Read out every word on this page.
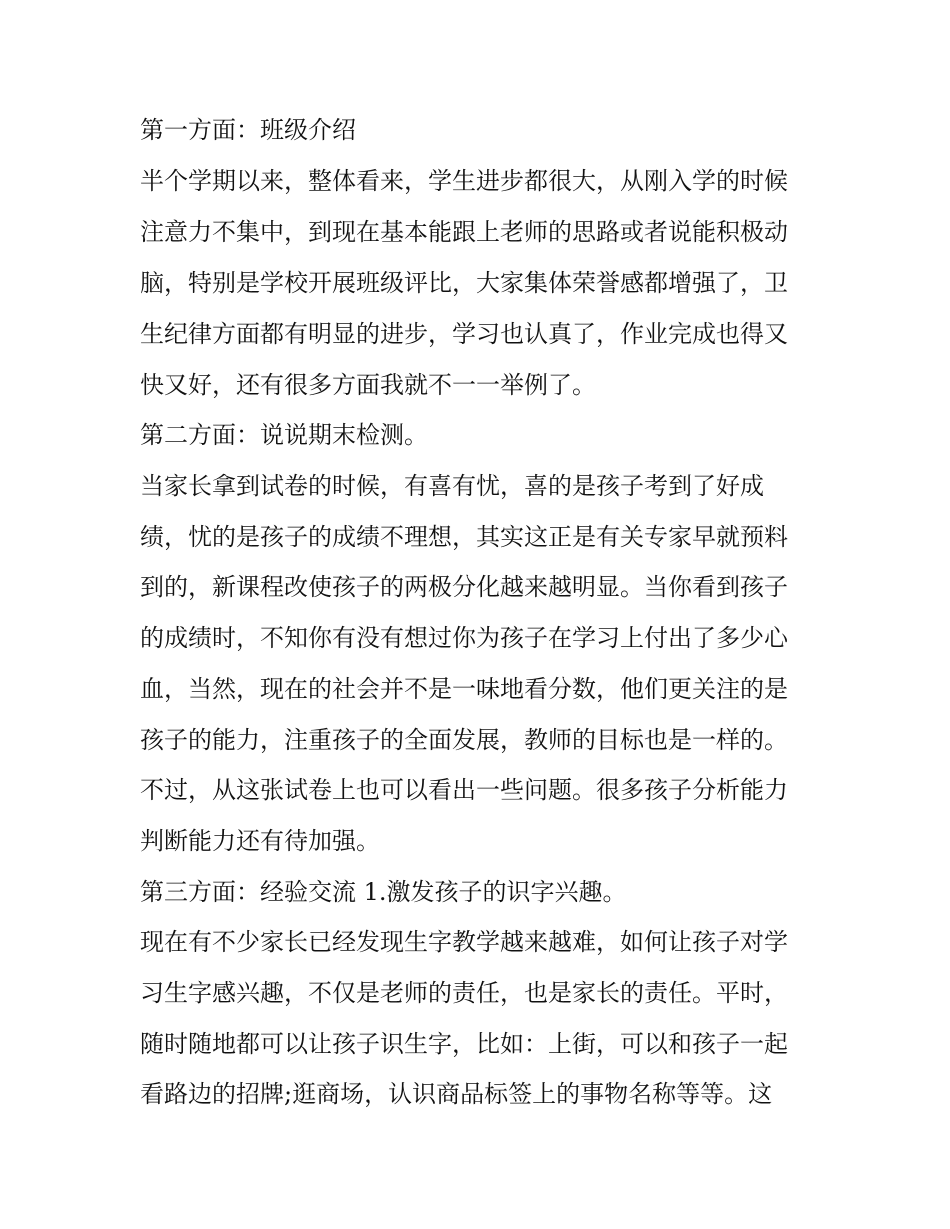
第一方面：班级介绍
半个学期以来，整体看来，学生进步都很大，从刚入学的时候
注意力不集中，到现在基本能跟上老师的思路或者说能积极动
脑，特别是学校开展班级评比，大家集体荣誉感都增强了，卫
生纪律方面都有明显的进步，学习也认真了，作业完成也得又
快又好，还有很多方面我就不一一举例了。
第二方面：说说期末检测。
当家长拿到试卷的时候，有喜有忧，喜的是孩子考到了好成
绩，忧的是孩子的成绩不理想，其实这正是有关专家早就预料
到的，新课程改使孩子的两极分化越来越明显。当你看到孩子
的成绩时，不知你有没有想过你为孩子在学习上付出了多少心
血，当然，现在的社会并不是一味地看分数，他们更关注的是
孩子的能力，注重孩子的全面发展，教师的目标也是一样的。
不过，从这张试卷上也可以看出一些问题。很多孩子分析能力
判断能力还有待加强。
第三方面：经验交流 1.激发孩子的识字兴趣。
现在有不少家长已经发现生字教学越来越难，如何让孩子对学
习生字感兴趣，不仅是老师的责任，也是家长的责任。平时，
随时随地都可以让孩子识生字，比如：上街，可以和孩子一起
看路边的招牌;逛商场，认识商品标签上的事物名称等等。这
